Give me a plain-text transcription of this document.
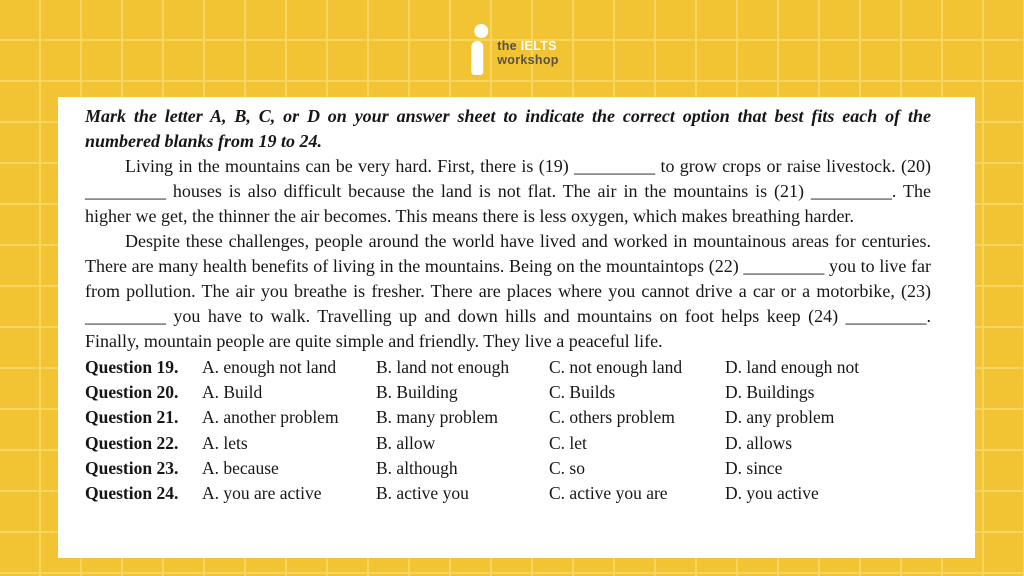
the IELTS
workshop
Mark the letter A, B, C, or D on your answer sheet to indicate the correct option that best fits each of the numbered blanks from 19 to 24.

Living in the mountains can be very hard. First, there is (19) _________ to grow crops or raise livestock. (20) _________ houses is also difficult because the land is not flat. The air in the mountains is (21) _________. The higher we get, the thinner the air becomes. This means there is less oxygen, which makes breathing harder.

Despite these challenges, people around the world have lived and worked in mountainous areas for centuries. There are many health benefits of living in the mountains. Being on the mountaintops (22) _________ you to live far from pollution. The air you breathe is fresher. There are places where you cannot drive a car or a motorbike, (23) _________ you have to walk. Travelling up and down hills and mountains on foot helps keep (24) _________. Finally, mountain people are quite simple and friendly. They live a peaceful life.

Question 19.	A. enough not land	B. land not enough	C. not enough land	D. land enough not
Question 20.	A. Build	B. Building	C. Builds	D. Buildings
Question 21.	A. another problem	B. many problem	C. others problem	D. any problem
Question 22.	A. lets	B. allow	C. let	D. allows
Question 23.	A. because	B. although	C. so	D. since
Question 24.	A. you are active	B. active you	C. active you are	D. you active
